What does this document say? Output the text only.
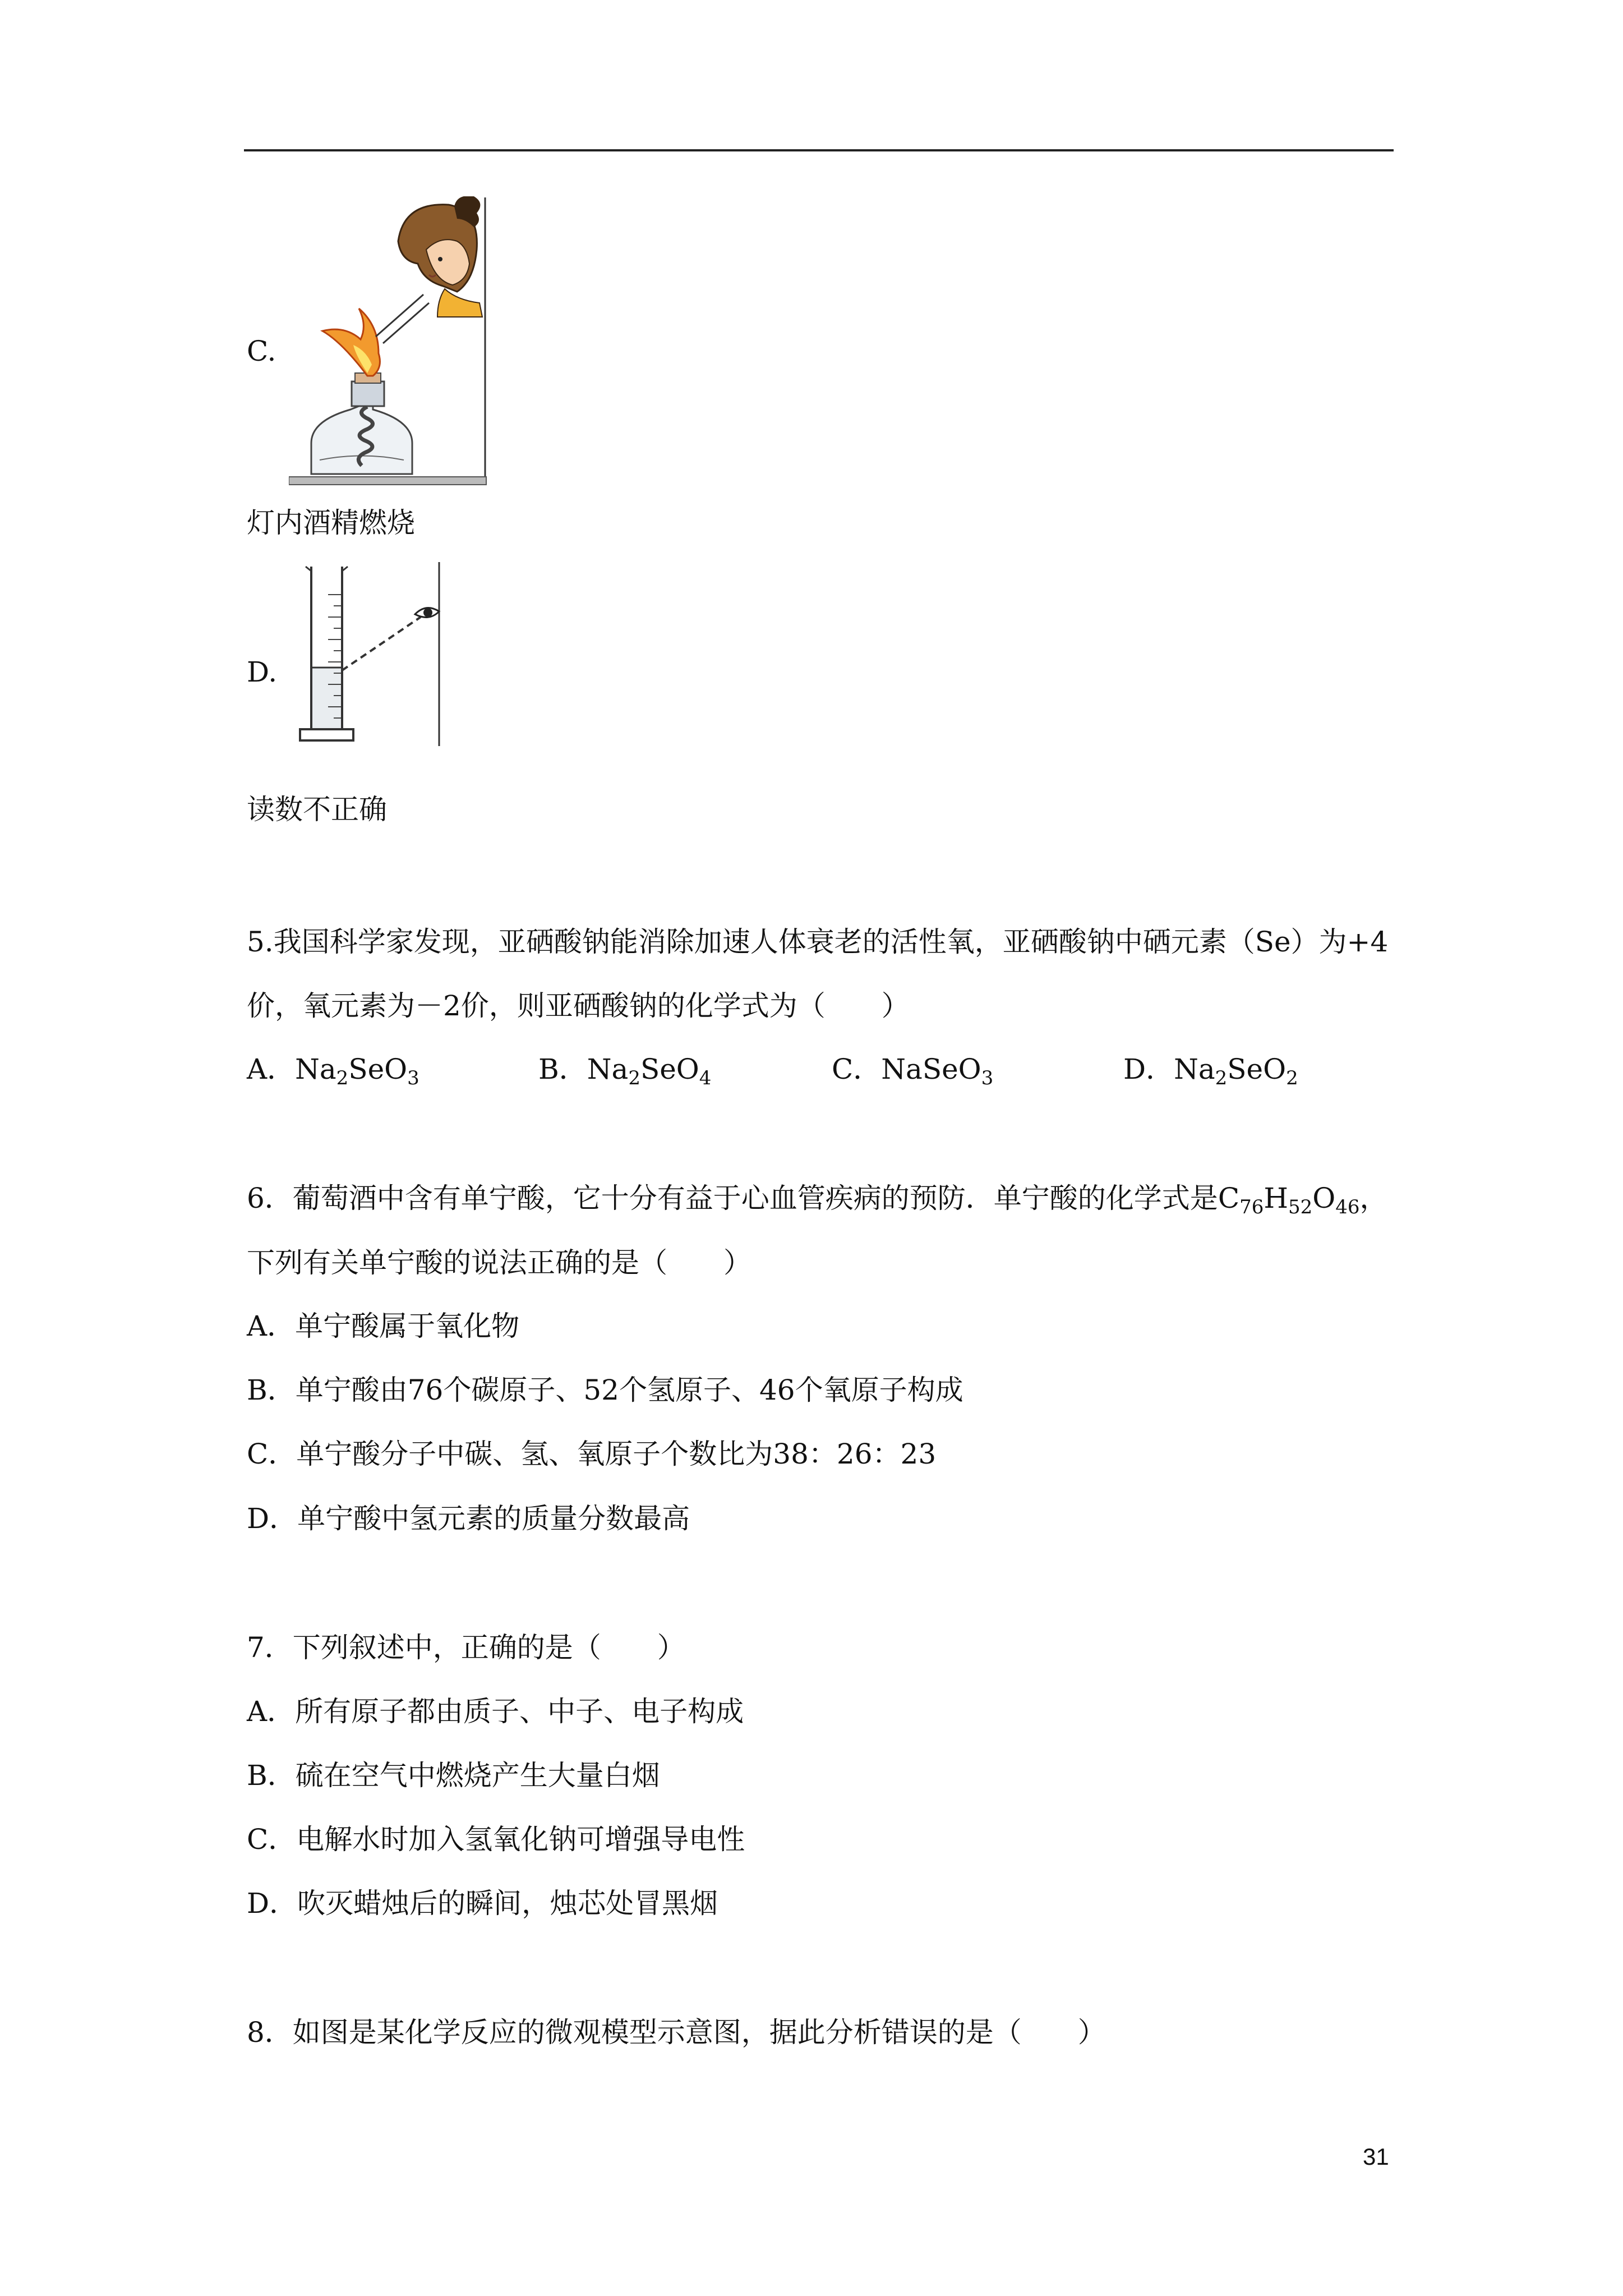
C.
灯内酒精燃烧
D.
读数不正确
5.我国科学家发现，亚硒酸钠能消除加速人体衰老的活性氧，亚硒酸钠中硒元素（Se）为+4
价，氧元素为－2价，则亚硒酸钠的化学式为（　　）
A．$Na_2SeO_3$	B．$Na_2SeO_4$	C．NaSeO$_3$	D．$Na_2SeO_2$
6．葡萄酒中含有单宁酸，它十分有益于心血管疾病的预防．单宁酸的化学式是$C_{76}H_{52}O_{46}$，
下列有关单宁酸的说法正确的是（　　）
A．单宁酸属于氧化物
B．单宁酸由76个碳原子、52个氢原子、46个氧原子构成
C．单宁酸分子中碳、氢、氧原子个数比为38：26：23
D．单宁酸中氢元素的质量分数最高
7．下列叙述中，正确的是（　　）
A．所有原子都由质子、中子、电子构成
B．硫在空气中燃烧产生大量白烟
C．电解水时加入氢氧化钠可增强导电性
D．吹灭蜡烛后的瞬间，烛芯处冒黑烟
8．如图是某化学反应的微观模型示意图，据此分析错误的是（　　）
31
